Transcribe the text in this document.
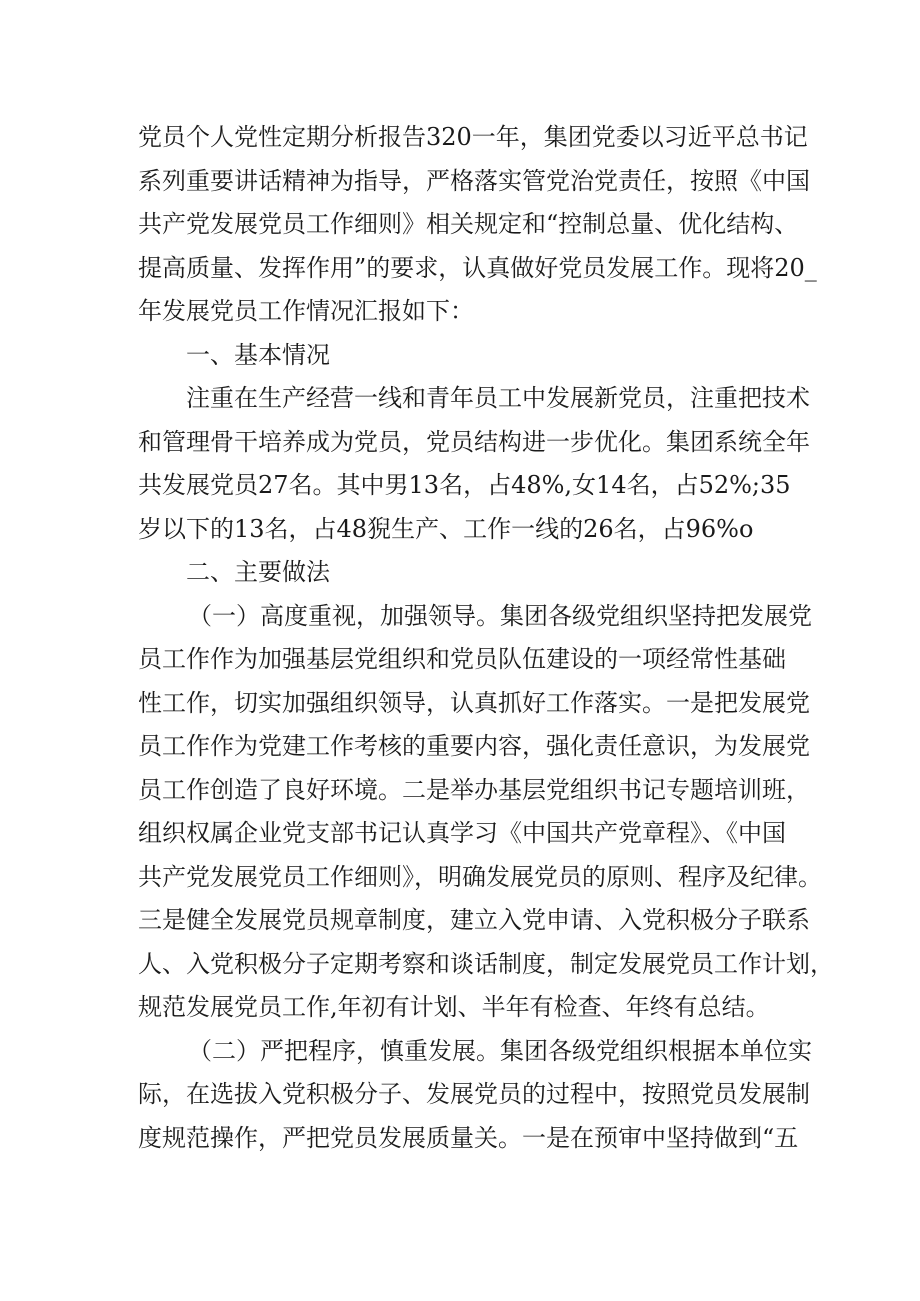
党员个人党性定期分析报告320一年，集团党委以习近平总书记
系列重要讲话精神为指导，严格落实管党治党责任，按照《中国
共产党发展党员工作细则》相关规定和“控制总量、优化结构、
提高质量、发挥作用”的要求，认真做好党员发展工作。现将20_
年发展党员工作情况汇报如下：
一、基本情况
注重在生产经营一线和青年员工中发展新党员，注重把技术
和管理骨干培养成为党员，党员结构进一步优化。集团系统全年
共发展党员27名。其中男13名，占48%,女14名，占52%;35
岁以下的13名，占48猊生产、工作一线的26名，占96%o
二、主要做法
（一）高度重视，加强领导。集团各级党组织坚持把发展党
员工作作为加强基层党组织和党员队伍建设的一项经常性基础
性工作，切实加强组织领导，认真抓好工作落实。一是把发展党
员工作作为党建工作考核的重要内容，强化责任意识，为发展党
员工作创造了良好环境。二是举办基层党组织书记专题培训班，
组织权属企业党支部书记认真学习《中国共产党章程》、《中国
共产党发展党员工作细则》，明确发展党员的原则、程序及纪律。
三是健全发展党员规章制度，建立入党申请、入党积极分子联系
人、入党积极分子定期考察和谈话制度，制定发展党员工作计划，
规范发展党员工作,年初有计划、半年有检查、年终有总结。
（二）严把程序，慎重发展。集团各级党组织根据本单位实
际，在选拔入党积极分子、发展党员的过程中，按照党员发展制
度规范操作，严把党员发展质量关。一是在预审中坚持做到“五
